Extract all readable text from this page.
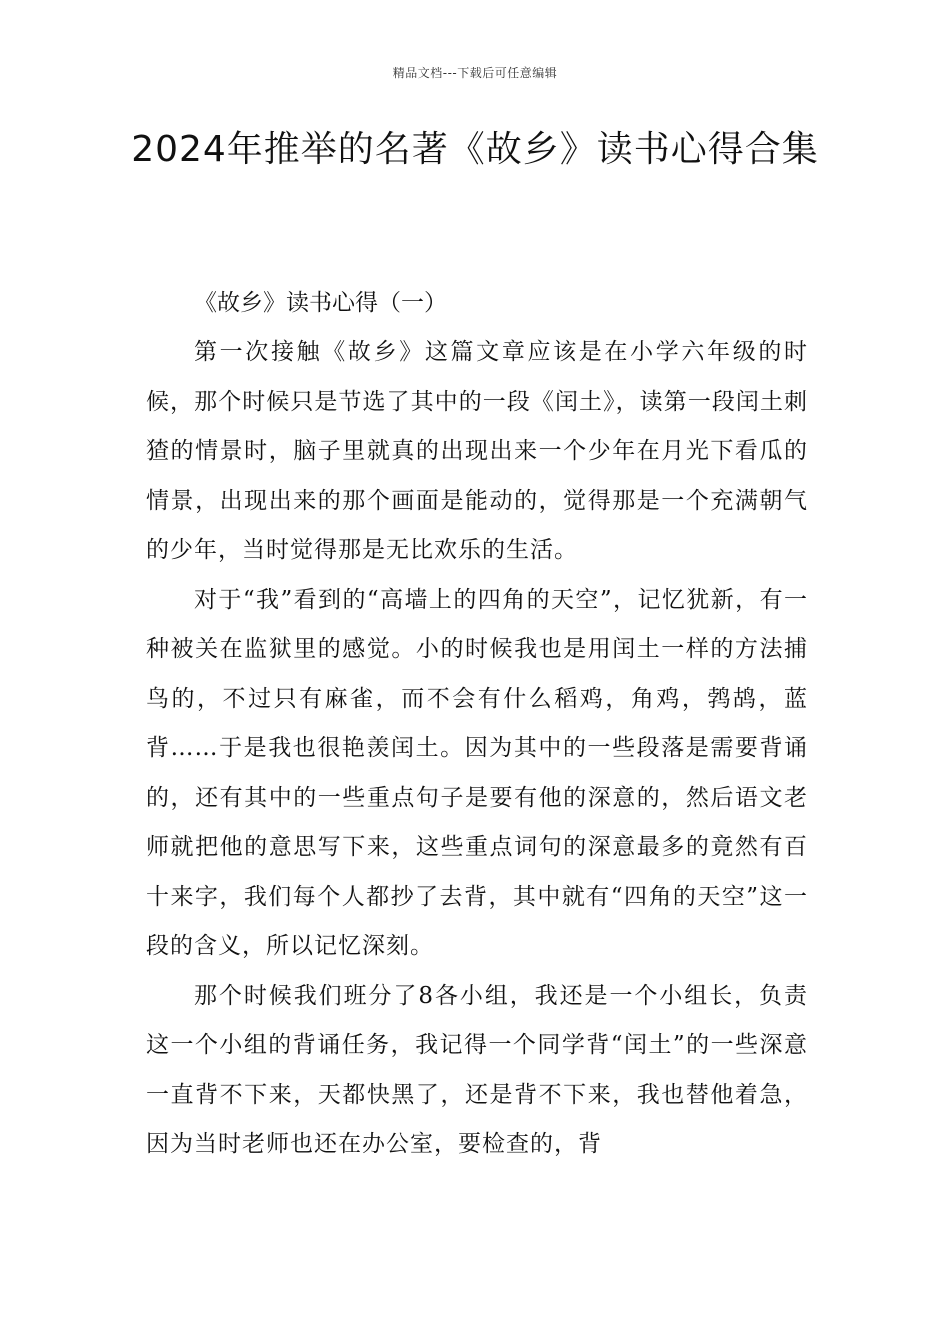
精品文档---下载后可任意编辑
2024年推举的名著《故乡》读书心得合集

《故乡》读书心得（一）

第一次接触《故乡》这篇文章应该是在小学六年级的时候，那个时候只是节选了其中的一段《闰土》，读第一段闰土刺猹的情景时，脑子里就真的出现出来一个少年在月光下看瓜的情景，出现出来的那个画面是能动的，觉得那是一个充满朝气的少年，当时觉得那是无比欢乐的生活。

对于“我”看到的“高墙上的四角的天空”，记忆犹新，有一种被关在监狱里的感觉。小的时候我也是用闰土一样的方法捕鸟的，不过只有麻雀，而不会有什么稻鸡，角鸡，鹁鸪，蓝背……于是我也很艳羡闰土。因为其中的一些段落是需要背诵的，还有其中的一些重点句子是要有他的深意的，然后语文老师就把他的意思写下来，这些重点词句的深意最多的竟然有百十来字，我们每个人都抄了去背，其中就有“四角的天空”这一段的含义，所以记忆深刻。

那个时候我们班分了8各小组，我还是一个小组长，负责这一个小组的背诵任务，我记得一个同学背“闰土”的一些深意一直背不下来，天都快黑了，还是背不下来，我也替他着急，因为当时老师也还在办公室，要检查的，背
